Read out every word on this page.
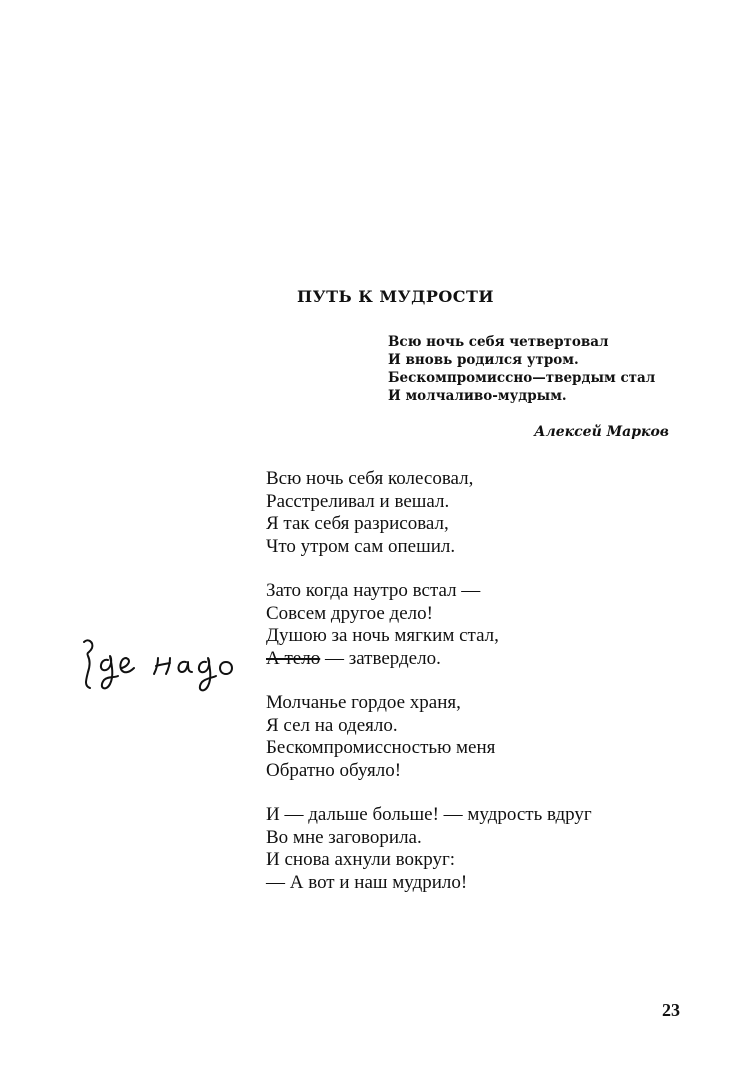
ПУТЬ К МУДРОСТИ
Всю ночь себя четвертовал
И вновь родился утром.
Бескомпромиссно—твердым стал
И молчаливо-мудрым.
Алексей Марков
Всю ночь себя колесовал,
Расстреливал и вешал.
Я так себя разрисовал,
Что утром сам опешил.
Зато когда наутро встал —
Совсем другое дело!
Душою за ночь мягким стал,
А тело — затвердело.
Молчанье гордое храня,
Я сел на одеяло.
Бескомпромиссностью меня
Обратно обуяло!
И — дальше больше! — мудрость вдруг
Во мне заговорила.
И снова ахнули вокруг:
— А вот и наш мудрило!
23
